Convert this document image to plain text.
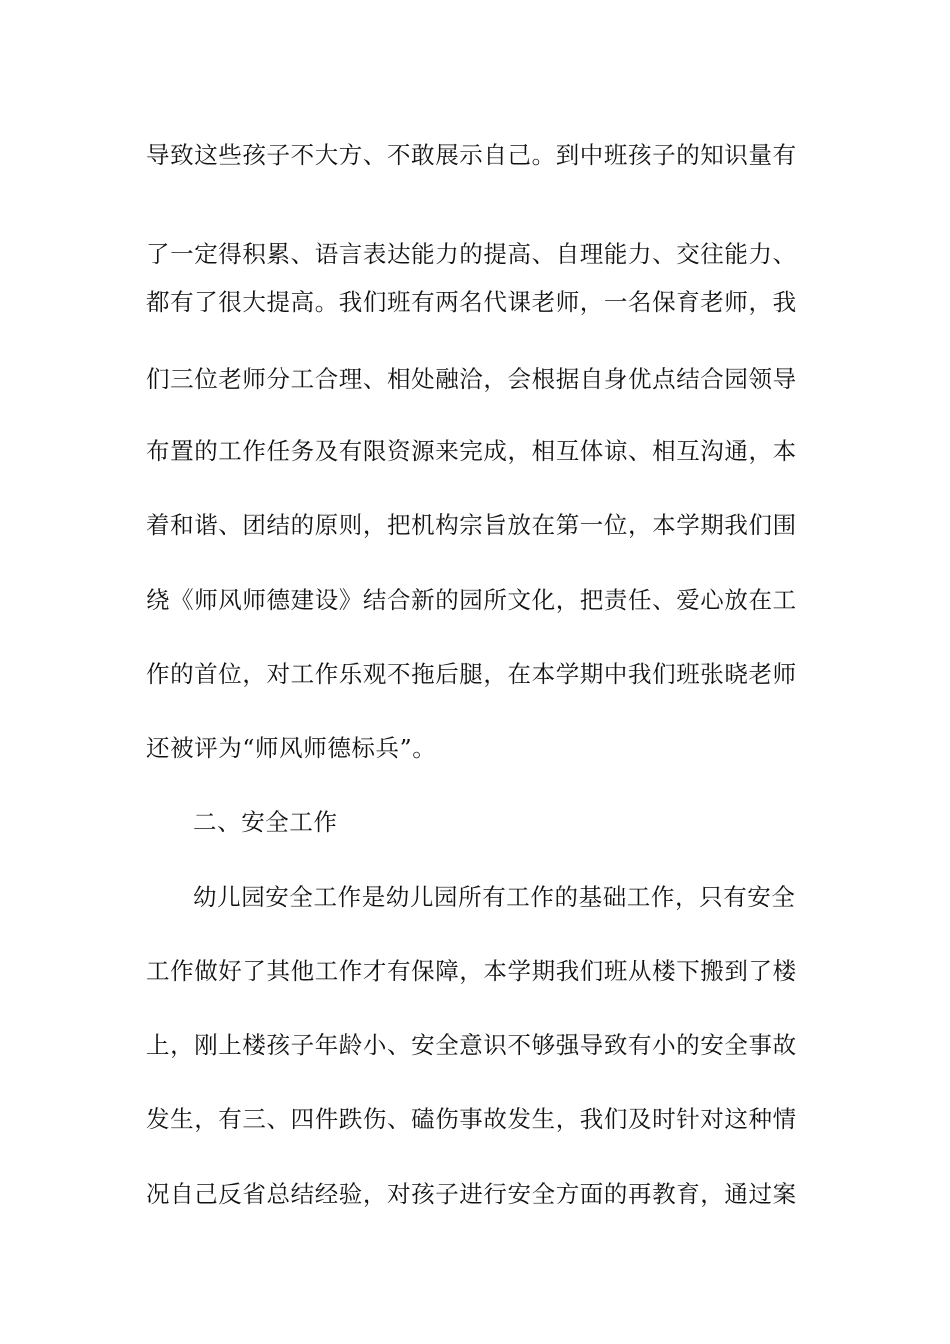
导致这些孩子不大方、不敢展示自己。到中班孩子的知识量有
了一定得积累、语言表达能力的提高、自理能力、交往能力、
都有了很大提高。我们班有两名代课老师，一名保育老师，我
们三位老师分工合理、相处融洽，会根据自身优点结合园领导
布置的工作任务及有限资源来完成，相互体谅、相互沟通，本
着和谐、团结的原则，把机构宗旨放在第一位，本学期我们围
绕《师风师德建设》结合新的园所文化，把责任、爱心放在工
作的首位，对工作乐观不拖后腿，在本学期中我们班张晓老师
还被评为“师风师德标兵”。
二、安全工作
幼儿园安全工作是幼儿园所有工作的基础工作，只有安全
工作做好了其他工作才有保障，本学期我们班从楼下搬到了楼
上，刚上楼孩子年龄小、安全意识不够强导致有小的安全事故
发生，有三、四件跌伤、磕伤事故发生，我们及时针对这种情
况自己反省总结经验，对孩子进行安全方面的再教育，通过案
